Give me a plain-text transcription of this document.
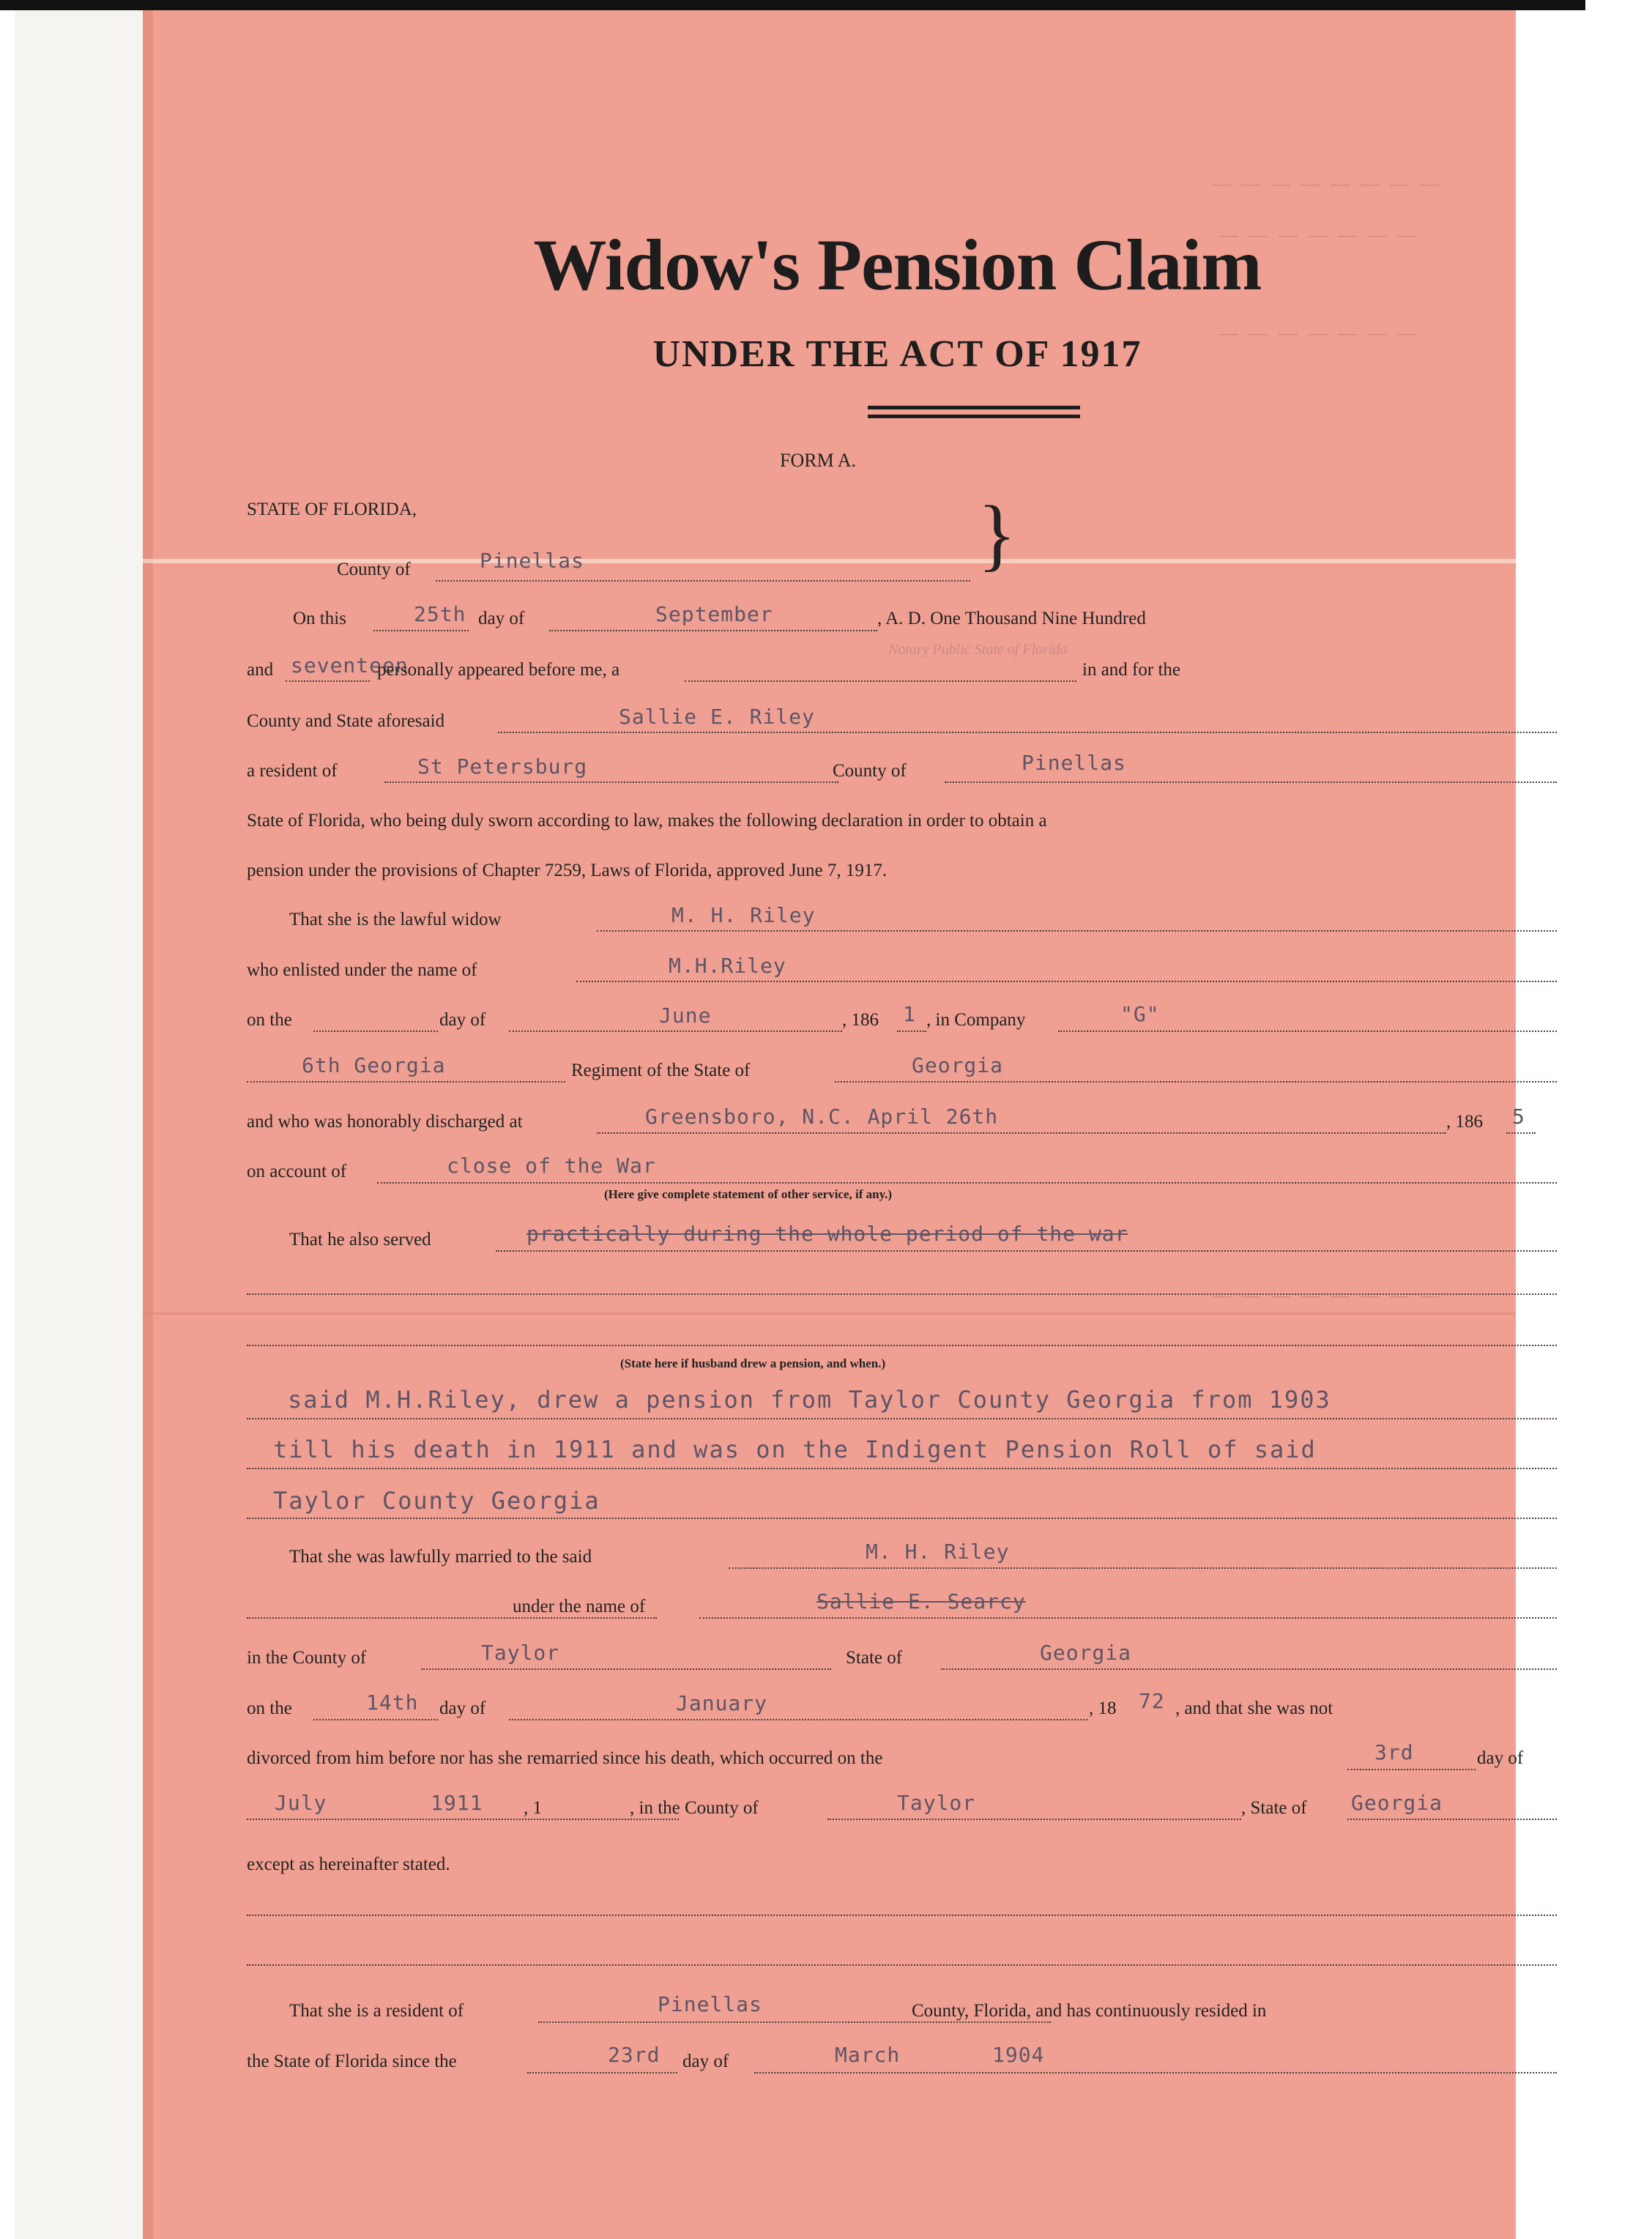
— — — — — — — —
— — — — — — —
— — — — — — —
— — — — — — — —
Widow's Pension Claim
UNDER THE ACT OF 1917
FORM A.
STATE OF FLORIDA,
County of	Pinellas	}
On this	25th day of	September	, A. D. One Thousand Nine Hundred
and seventeen
personally appeared before me, a
Notary Public State of Florida
in and for the
County and State aforesaid	Sallie E. Riley
a resident of	St Petersburg	County of	Pinellas
State of Florida, who being duly sworn according to law, makes the following declaration in order to obtain a
pension under the provisions of Chapter 7259, Laws of Florida, approved June 7, 1917.
That she is the lawful widow	M. H. Riley
who enlisted under the name of	M.H.Riley
on the	day of	June	, 186 1 , in Company	"G"
6th Georgia	Regiment of the State of	Georgia
and who was honorably discharged at	Greensboro, N.C. April 26th	, 186 5
on account of	close of the War
(Here give complete statement of other service, if any.)
That he also served	practically during the whole period of the war
(State here if husband drew a pension, and when.)
said M.H.Riley, drew a pension from Taylor County Georgia from 1903
till his death in 1911 and was on the Indigent Pension Roll of said
Taylor County Georgia
That she was lawfully married to the said	M. H. Riley
under the name of	Sallie E. Searcy
in the County of	Taylor	State of	Georgia
on the	14th day of	January	, 18 72 , and that she was not
divorced from him before nor has she remarried since his death, which occurred on the	3rd	day of
July	1911 , 1	, in the County of	Taylor	, State of Georgia
except as hereinafter stated.
That she is a resident of	Pinellas	County, Florida, and has continuously resided in
the State of Florida since the	23rd day of	March	1904
